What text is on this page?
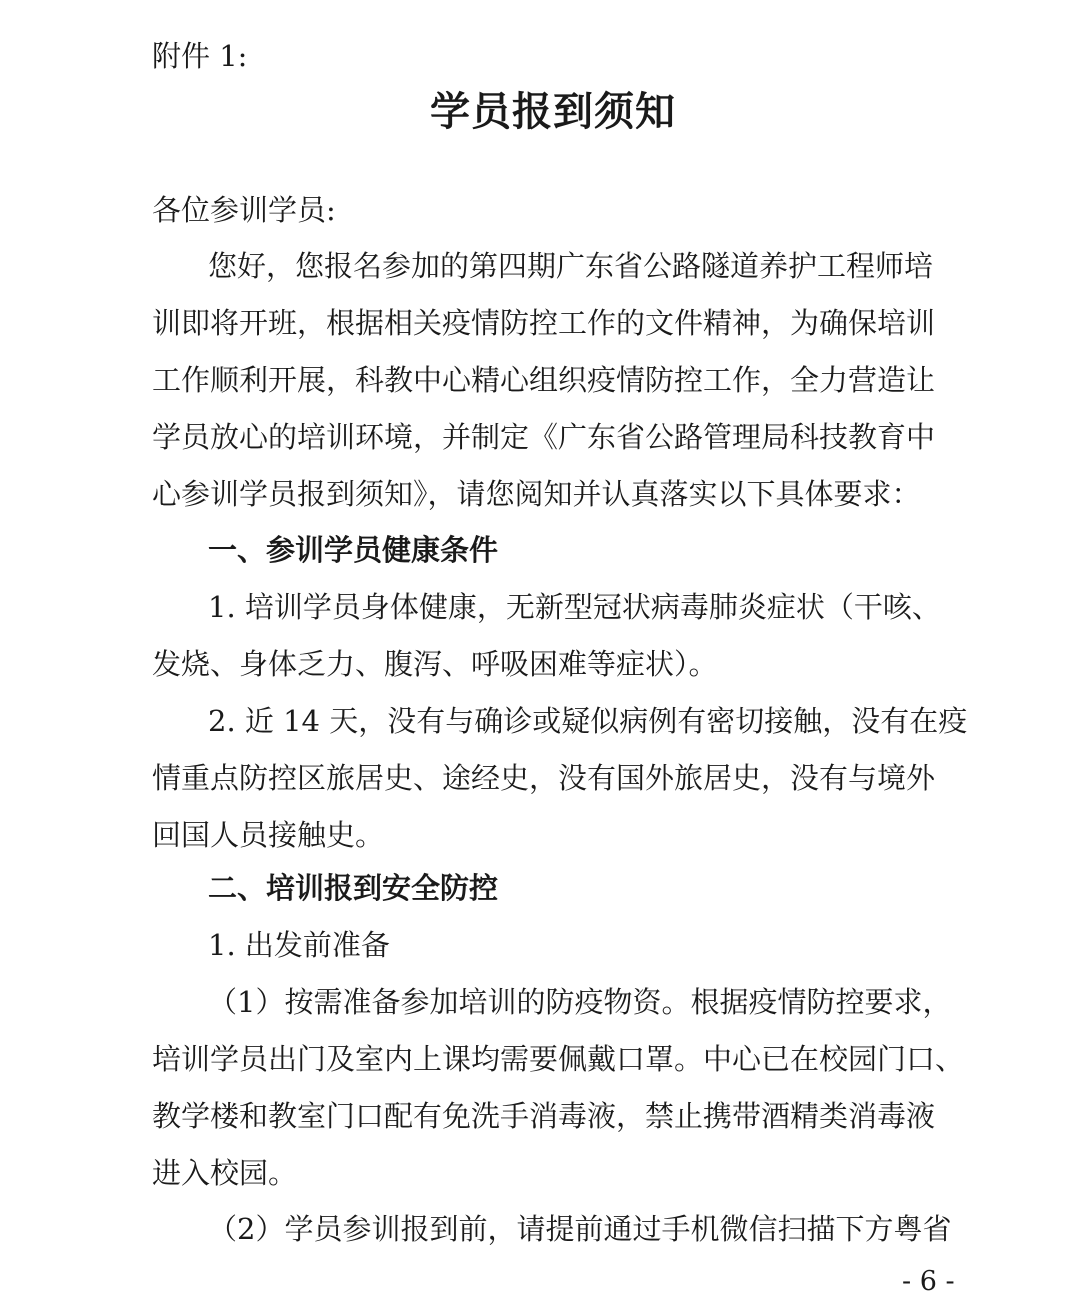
附件 1:
学员报到须知
各位参训学员:
您好，您报名参加的第四期广东省公路隧道养护工程师培
训即将开班，根据相关疫情防控工作的文件精神，为确保培训
工作顺利开展，科教中心精心组织疫情防控工作，全力营造让
学员放心的培训环境，并制定《广东省公路管理局科技教育中
心参训学员报到须知》，请您阅知并认真落实以下具体要求：
一、参训学员健康条件
1. 培训学员身体健康，无新型冠状病毒肺炎症状（干咳、
发烧、身体乏力、腹泻、呼吸困难等症状）。
2. 近 14 天，没有与确诊或疑似病例有密切接触，没有在疫
情重点防控区旅居史、途经史，没有国外旅居史，没有与境外
回国人员接触史。
二、培训报到安全防控
1. 出发前准备
（1）按需准备参加培训的防疫物资。根据疫情防控要求，
培训学员出门及室内上课均需要佩戴口罩。中心已在校园门口、
教学楼和教室门口配有免洗手消毒液，禁止携带酒精类消毒液
进入校园。
（2）学员参训报到前，请提前通过手机微信扫描下方粤省
- 6 -
